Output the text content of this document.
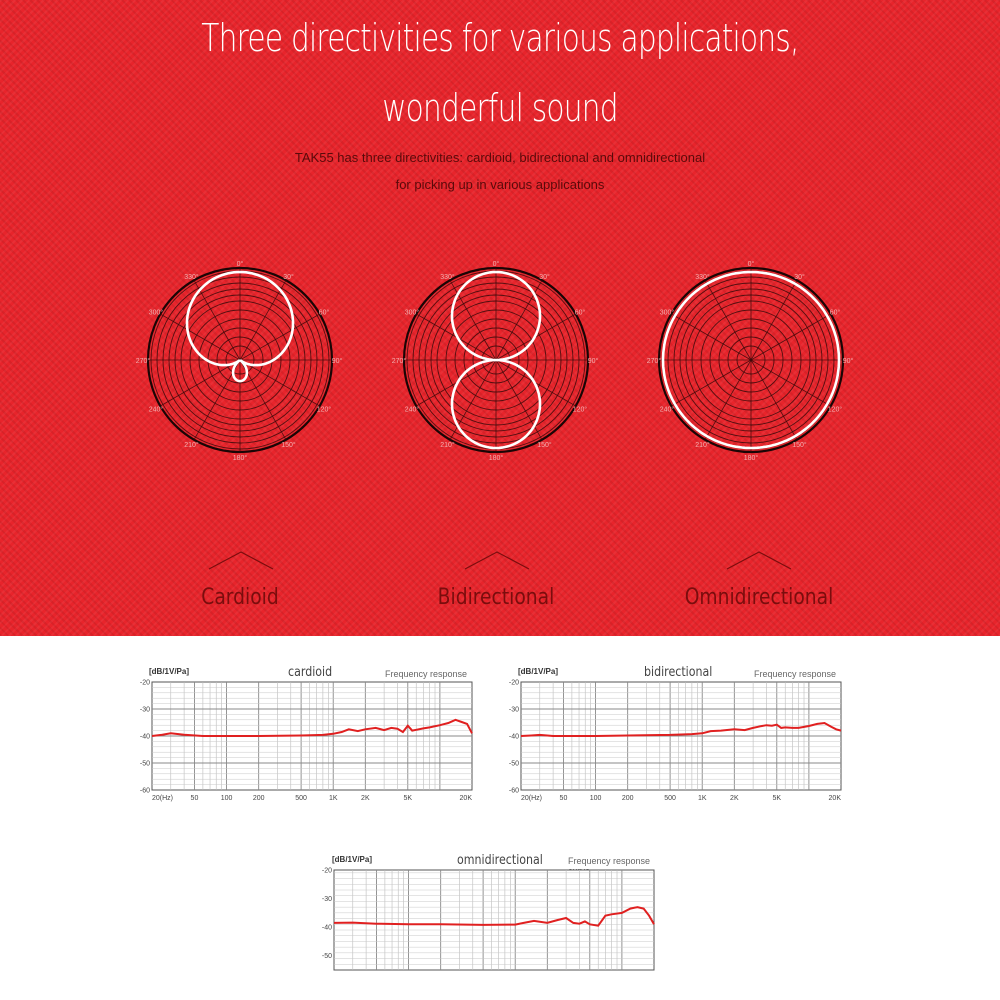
Three directivities for various applications,
wonderful sound
TAK55 has three directivities: cardioid, bidirectional and omnidirectional
for picking up in various applications
0°
30°
60°
90°
120°
150°
180°
210°
240°
270°
300°
330°
0°
30°
60°
90°
120°
150°
180°
210°
240°
270°
300°
330°
0°
30°
60°
90°
120°
150°
180°
210°
240°
270°
300°
330°
Cardioid	Bidirectional	Omnidirectional
[dB/1V/Pa]	cardioid	Frequency response
-20
-30
-40
-50
-60
20(Hz)	50	100	200	500	1K	2K	5K	20K
[dB/1V/Pa]	bidirectional	Frequency response
-20
-30
-40
-50
-60
20(Hz)	50	100	200	500	1K	2K	5K	20K
[dB/1V/Pa]	omnidirectional	Frequency response
-20
-30
-40
-50
